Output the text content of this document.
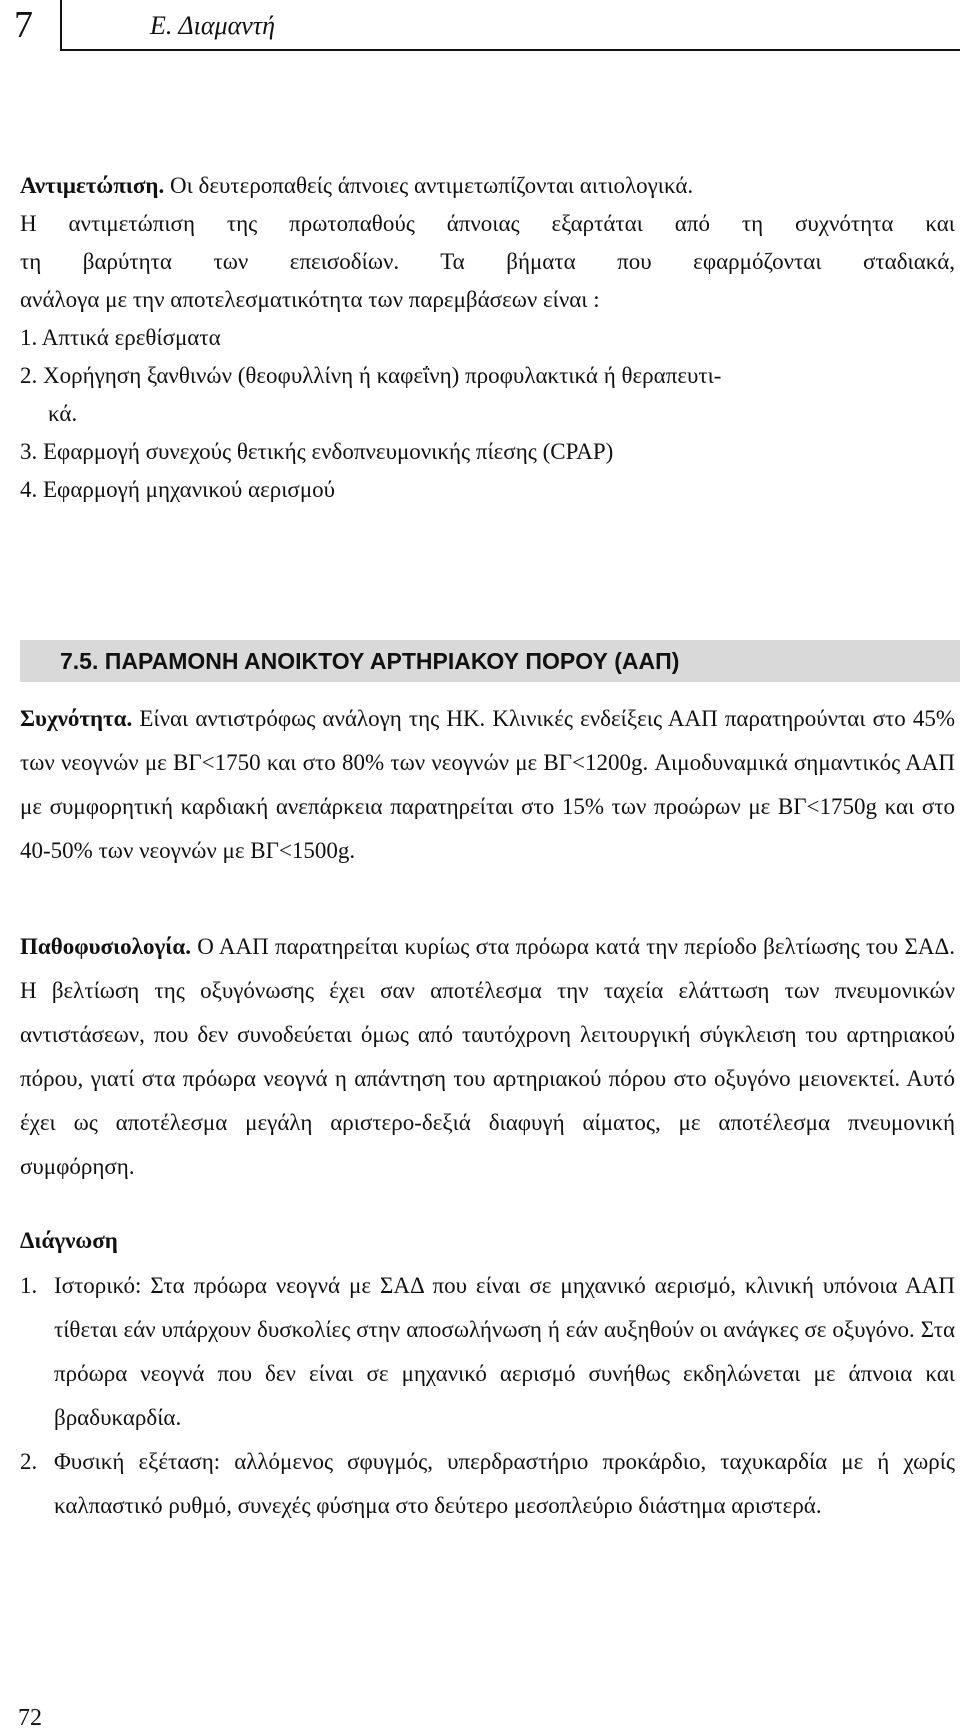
7	Ε. Διαμαντή

Αντιμετώπιση. Οι δευτεροπαθείς άπνοιες αντιμετωπίζονται αιτιολογικά.

Η αντιμετώπιση της πρωτοπαθούς άπνοιας εξαρτάται από τη συχνότητα και

τη βαρύτητα των επεισοδίων. Τα βήματα που εφαρμόζονται σταδιακά,

ανάλογα με την αποτελεσματικότητα των παρεμβάσεων είναι :

1. Απτικά ερεθίσματα
2. Χορήγηση ξανθινών (θεοφυλλίνη ή καφεΐνη) προφυλακτικά ή θεραπευτι-
κά.
3. Εφαρμογή συνεχούς θετικής ενδοπνευμονικής πίεσης (CPAP)
4. Εφαρμογή μηχανικού αερισμού
7.5. ΠΑΡΑΜΟΝΗ ΑΝΟΙΚΤΟΥ ΑΡΤΗΡΙΑΚΟΥ ΠΟΡΟΥ (ΑΑΠ)

Συχνότητα. Είναι αντιστρόφως ανάλογη της ΗΚ. Κλινικές ενδείξεις ΑΑΠ παρατηρούνται στο 45% των νεογνών με ΒΓ<1750 και στο 80% των νεογνών με ΒΓ<1200g. Αιμοδυναμικά σημαντικός ΑΑΠ με συμφορητική καρδιακή ανεπάρκεια παρατηρείται στο 15% των προώρων με ΒΓ<1750g και στο 40-50% των νεογνών με ΒΓ<1500g.

Παθοφυσιολογία. Ο ΑΑΠ παρατηρείται κυρίως στα πρόωρα κατά την περίοδο βελτίωσης του ΣΑΔ. Η βελτίωση της οξυγόνωσης έχει σαν αποτέλεσμα την ταχεία ελάττωση των πνευμονικών αντιστάσεων, που δεν συνοδεύεται όμως από ταυτόχρονη λειτουργική σύγκλειση του αρτηριακού πόρου, γιατί στα πρόωρα νεογνά η απάντηση του αρτηριακού πόρου στο οξυγόνο μειονεκτεί. Αυτό έχει ως αποτέλεσμα μεγάλη αριστερο-δεξιά διαφυγή αίματος, με αποτέλεσμα πνευμονική συμφόρηση.

Διάγνωση
1. Ιστορικό: Στα πρόωρα νεογνά με ΣΑΔ που είναι σε μηχανικό αερισμό, κλινική υπόνοια ΑΑΠ τίθεται εάν υπάρχουν δυσκολίες στην αποσωλήνωση ή εάν αυξηθούν οι ανάγκες σε οξυγόνο. Στα πρόωρα νεογνά που δεν είναι σε μηχανικό αερισμό συνήθως εκδηλώνεται με άπνοια και βραδυκαρδία.
2. Φυσική εξέταση: αλλόμενος σφυγμός, υπερδραστήριο προκάρδιο, ταχυκαρδία με ή χωρίς καλπαστικό ρυθμό, συνεχές φύσημα στο δεύτερο μεσοπλεύριο διάστημα αριστερά.
72
